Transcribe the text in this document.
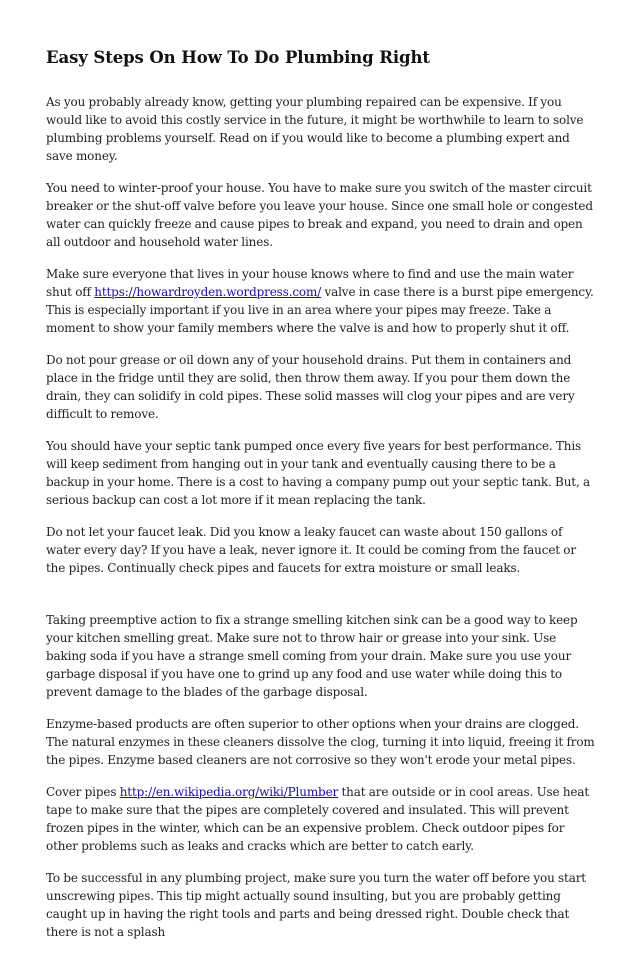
Easy Steps On How To Do Plumbing Right

As you probably already know, getting your plumbing repaired can be expensive. If you would like to avoid this costly service in the future, it might be worthwhile to learn to solve plumbing problems yourself. Read on if you would like to become a plumbing expert and save money.

You need to winter-proof your house. You have to make sure you switch of the master circuit breaker or the shut-off valve before you leave your house. Since one small hole or congested water can quickly freeze and cause pipes to break and expand, you need to drain and open all outdoor and household water lines.

Make sure everyone that lives in your house knows where to find and use the main water shut off https://howardroyden.wordpress.com/ valve in case there is a burst pipe emergency. This is especially important if you live in an area where your pipes may freeze. Take a moment to show your family members where the valve is and how to properly shut it off.

Do not pour grease or oil down any of your household drains. Put them in containers and place in the fridge until they are solid, then throw them away. If you pour them down the drain, they can solidify in cold pipes. These solid masses will clog your pipes and are very difficult to remove.

You should have your septic tank pumped once every five years for best performance. This will keep sediment from hanging out in your tank and eventually causing there to be a backup in your home. There is a cost to having a company pump out your septic tank. But, a serious backup can cost a lot more if it mean replacing the tank.

Do not let your faucet leak. Did you know a leaky faucet can waste about 150 gallons of water every day? If you have a leak, never ignore it. It could be coming from the faucet or the pipes. Continually check pipes and faucets for extra moisture or small leaks.

Taking preemptive action to fix a strange smelling kitchen sink can be a good way to keep your kitchen smelling great. Make sure not to throw hair or grease into your sink. Use baking soda if you have a strange smell coming from your drain. Make sure you use your garbage disposal if you have one to grind up any food and use water while doing this to prevent damage to the blades of the garbage disposal.

Enzyme-based products are often superior to other options when your drains are clogged. The natural enzymes in these cleaners dissolve the clog, turning it into liquid, freeing it from the pipes. Enzyme based cleaners are not corrosive so they won't erode your metal pipes.

Cover pipes http://en.wikipedia.org/wiki/Plumber that are outside or in cool areas. Use heat tape to make sure that the pipes are completely covered and insulated. This will prevent frozen pipes in the winter, which can be an expensive problem. Check outdoor pipes for other problems such as leaks and cracks which are better to catch early.

To be successful in any plumbing project, make sure you turn the water off before you start unscrewing pipes. This tip might actually sound insulting, but you are probably getting caught up in having the right tools and parts and being dressed right. Double check that there is not a splash
